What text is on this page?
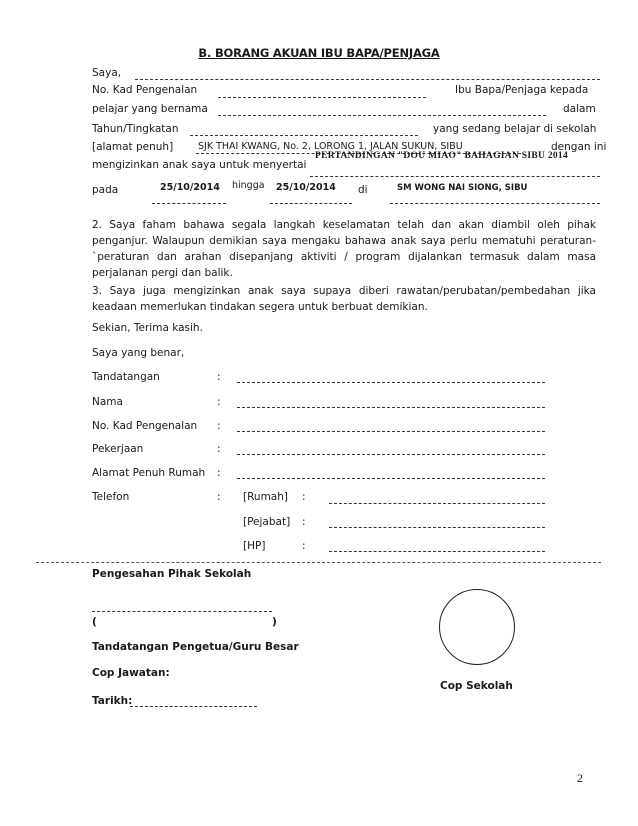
B. BORANG AKUAN IBU BAPA/PENJAGA
Saya,
No. Kad Pengenalan	Ibu Bapa/Penjaga kepada
pelajar yang bernama	dalam
Tahun/Tingkatan	yang sedang belajar di sekolah
[alamat penuh]	SJK THAI KWANG, No. 2, LORONG 1, JALAN SUKUN, SIBU	dengan ini
mengizinkan anak saya untuk menyertai
PERTANDINGAN "DOU MIAO" BAHAGIAN SIBU 2014
pada	25/10/2014 hingga 25/10/2014 di	SM WONG NAI SIONG, SIBU
2. Saya faham bahawa segala langkah keselamatan telah dan akan diambil oleh pihak penganjur. Walaupun demikian saya mengaku bahawa anak saya perlu mematuhi peraturan-`peraturan dan arahan disepanjang aktiviti / program dijalankan termasuk dalam masa perjalanan pergi dan balik.
3. Saya juga mengizinkan anak saya supaya diberi rawatan/perubatan/pembedahan jika keadaan memerlukan tindakan segera untuk berbuat demikian.
Sekian, Terima kasih.
Saya yang benar,
Tandatangan	:
Nama	:
No. Kad Pengenalan :
Pekerjaan	:
Alamat Penuh Rumah :
Telefon	: [Rumah] :
[Pejabat] :
[HP]	:
Pengesahan Pihak Sekolah
(	)
Tandatangan Pengetua/Guru Besar
Cop Jawatan:
Cop Sekolah
Tarikh:
2
